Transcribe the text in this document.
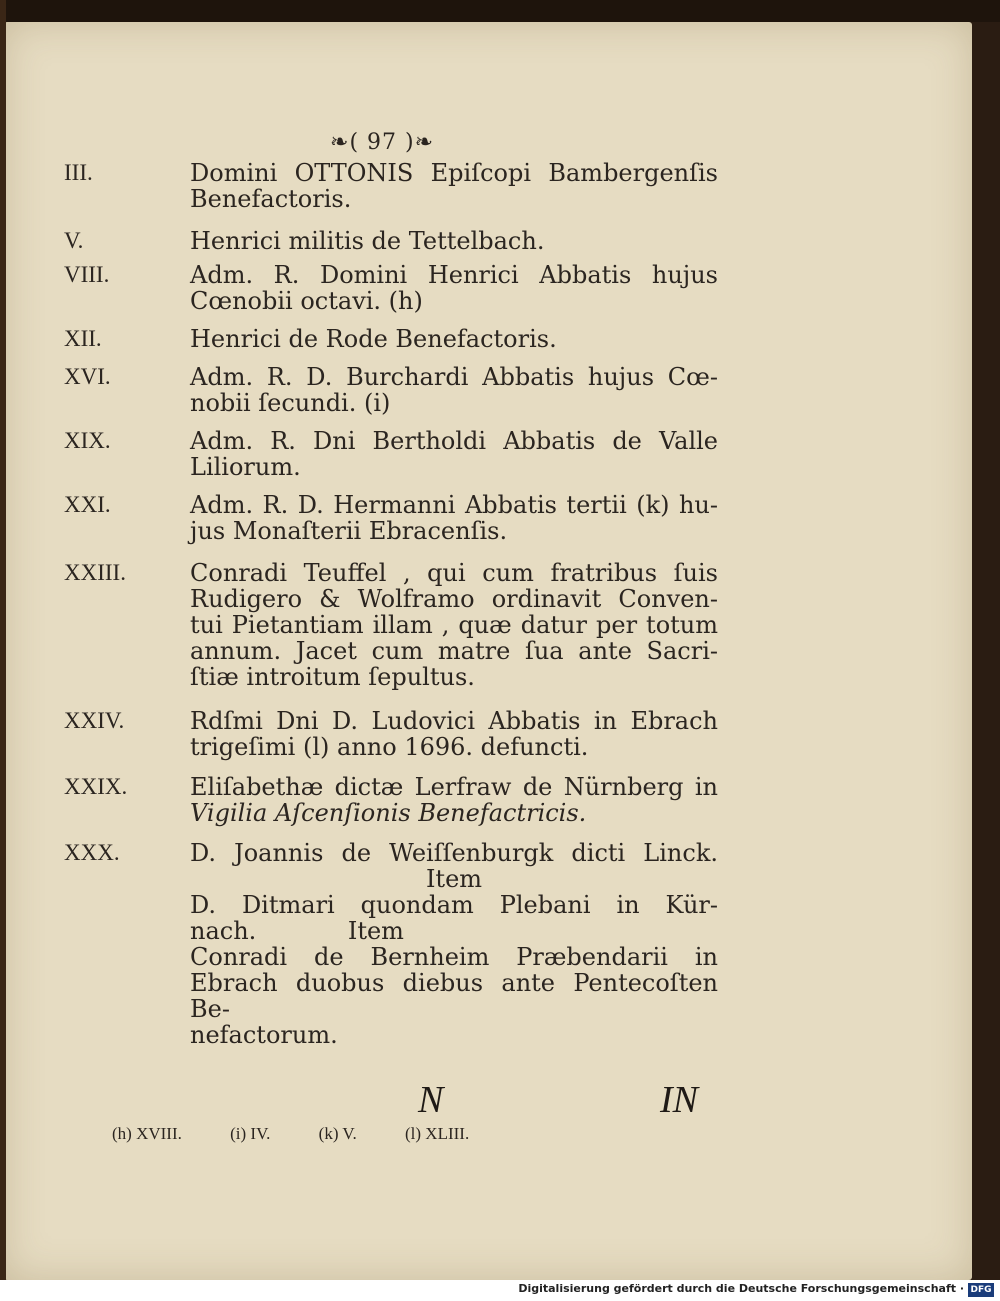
❧( 97 )❧
III.	Domini OTTONIS Epiſcopi Bambergenſis
Benefactoris.
V.	Henrici militis de Tettelbach.
VIII.	Adm. R. Domini Henrici Abbatis hujus
Cœnobii octavi. (h)
XII.	Henrici de Rode Benefactoris.
XVI.	Adm. R. D. Burchardi Abbatis hujus Cœ-
nobii ſecundi. (i)
XIX.	Adm. R. Dni Bertholdi Abbatis de Valle
Liliorum.
XXI.	Adm. R. D. Hermanni Abbatis tertii (k) hu-
jus Monaſterii Ebracenſis.
XXIII.	Conradi Teuffel , qui cum fratribus ſuis
Rudigero & Wolframo ordinavit Conven-
tui Pietantiam illam , quæ datur per totum
annum. Jacet cum matre ſua ante Sacri-
ſtiæ introitum ſepultus.
XXIV.	Rdſmi Dni D. Ludovici Abbatis in Ebrach
trigeſimi (l) anno 1696. defuncti.
XXIX.	Eliſabethæ dictæ Lerfraw de Nürnberg in
Vigilia Aſcenſionis Benefactricis.
XXX.	D. Joannis de Weiſſenburgk dicti Linck.
Item
D. Ditmari quondam Plebani in Kür-
nach.            Item
Conradi de Bernheim Præbendarii in
Ebrach duobus diebus ante Pentecoſten Be-
nefactorum.
N	IN
(h) XVIII.	(i) IV.	(k) V.	(l) XLIII.
Digitalisierung gefördert durch die Deutsche Forschungsgemeinschaft · DFG
